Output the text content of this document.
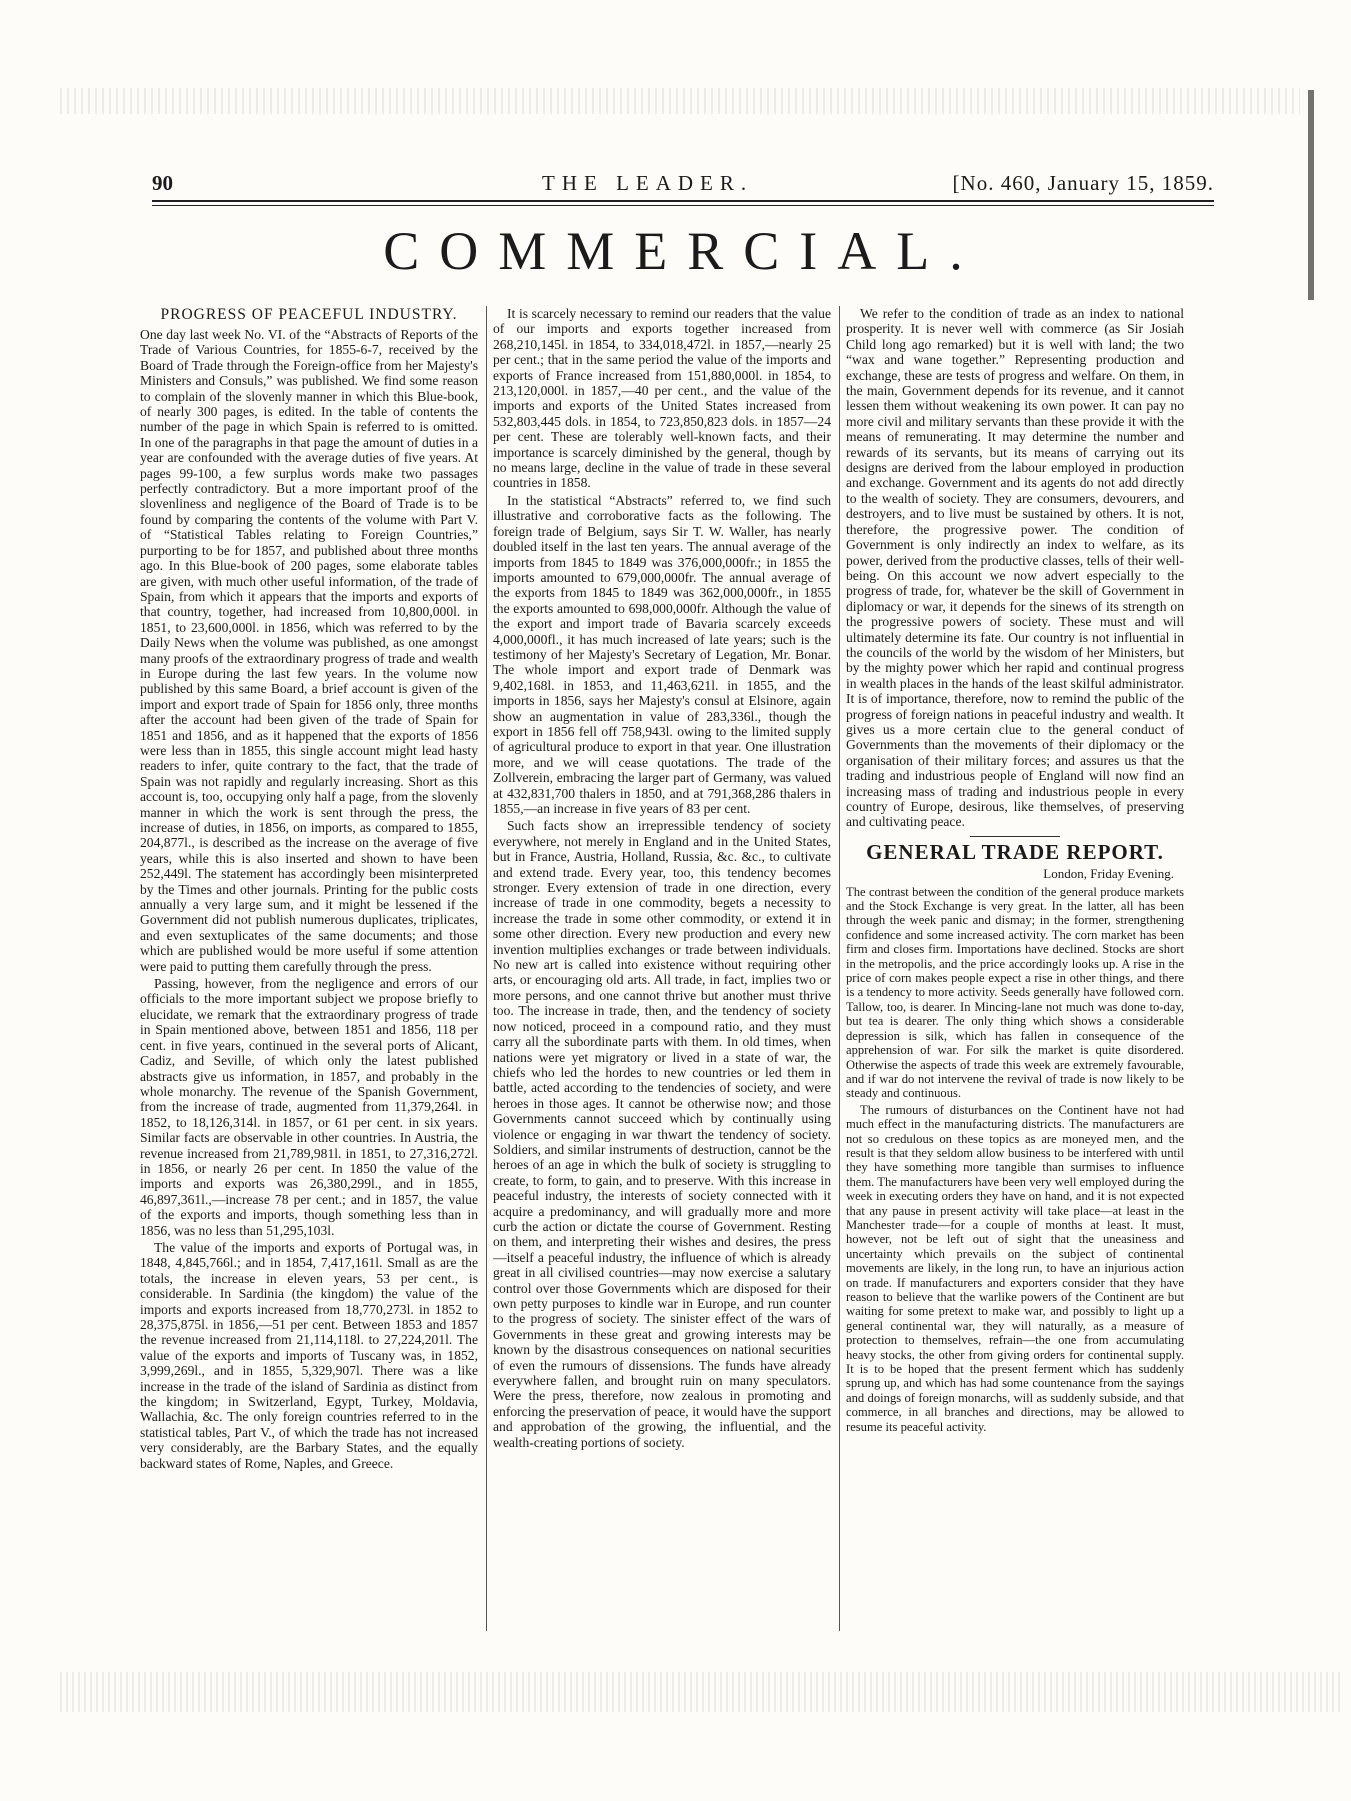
90	THE LEADER.	[No. 460, January 15, 1859.
COMMERCIAL.
PROGRESS OF PEACEFUL INDUSTRY.

One day last week No. VI. of the “Abstracts of Reports of the Trade of Various Countries, for 1855-6-7, received by the Board of Trade through the Foreign-office from her Majesty's Ministers and Consuls,” was published. We find some reason to complain of the slovenly manner in which this Blue-book, of nearly 300 pages, is edited. In the table of contents the number of the page in which Spain is referred to is omitted. In one of the paragraphs in that page the amount of duties in a year are confounded with the average duties of five years. At pages 99-100, a few surplus words make two passages perfectly contradictory. But a more important proof of the slovenliness and negligence of the Board of Trade is to be found by comparing the contents of the volume with Part V. of “Statistical Tables relating to Foreign Countries,” purporting to be for 1857, and published about three months ago. In this Blue-book of 200 pages, some elaborate tables are given, with much other useful information, of the trade of Spain, from which it appears that the imports and exports of that country, together, had increased from 10,800,000l. in 1851, to 23,600,000l. in 1856, which was referred to by the Daily News when the volume was published, as one amongst many proofs of the extraordinary progress of trade and wealth in Europe during the last few years. In the volume now published by this same Board, a brief account is given of the import and export trade of Spain for 1856 only, three months after the account had been given of the trade of Spain for 1851 and 1856, and as it happened that the exports of 1856 were less than in 1855, this single account might lead hasty readers to infer, quite contrary to the fact, that the trade of Spain was not rapidly and regularly increasing. Short as this account is, too, occupying only half a page, from the slovenly manner in which the work is sent through the press, the increase of duties, in 1856, on imports, as compared to 1855, 204,877l., is described as the increase on the average of five years, while this is also inserted and shown to have been 252,449l. The statement has accordingly been misinterpreted by the Times and other journals. Printing for the public costs annually a very large sum, and it might be lessened if the Government did not publish numerous duplicates, triplicates, and even sextuplicates of the same documents; and those which are published would be more useful if some attention were paid to putting them carefully through the press.

Passing, however, from the negligence and errors of our officials to the more important subject we propose briefly to elucidate, we remark that the extraordinary progress of trade in Spain mentioned above, between 1851 and 1856, 118 per cent. in five years, continued in the several ports of Alicant, Cadiz, and Seville, of which only the latest published abstracts give us information, in 1857, and probably in the whole monarchy. The revenue of the Spanish Government, from the increase of trade, augmented from 11,379,264l. in 1852, to 18,126,314l. in 1857, or 61 per cent. in six years. Similar facts are observable in other countries. In Austria, the revenue increased from 21,789,981l. in 1851, to 27,316,272l. in 1856, or nearly 26 per cent. In 1850 the value of the imports and exports was 26,380,299l., and in 1855, 46,897,361l.,—increase 78 per cent.; and in 1857, the value of the exports and imports, though something less than in 1856, was no less than 51,295,103l.

The value of the imports and exports of Portugal was, in 1848, 4,845,766l.; and in 1854, 7,417,161l. Small as are the totals, the increase in eleven years, 53 per cent., is considerable. In Sardinia (the kingdom) the value of the imports and exports increased from 18,770,273l. in 1852 to 28,375,875l. in 1856,—51 per cent. Between 1853 and 1857 the revenue increased from 21,114,118l. to 27,224,201l. The value of the exports and imports of Tuscany was, in 1852, 3,999,269l., and in 1855, 5,329,907l. There was a like increase in the trade of the island of Sardinia as distinct from the kingdom; in Switzerland, Egypt, Turkey, Moldavia, Wallachia, &c. The only foreign countries referred to in the statistical tables, Part V., of which the trade has not increased very considerably, are the Barbary States, and the equally backward states of Rome, Naples, and Greece.

It is scarcely necessary to remind our readers that the value of our imports and exports together increased from 268,210,145l. in 1854, to 334,018,472l. in 1857,—nearly 25 per cent.; that in the same period the value of the imports and exports of France increased from 151,880,000l. in 1854, to 213,120,000l. in 1857,—40 per cent., and the value of the imports and exports of the United States increased from 532,803,445 dols. in 1854, to 723,850,823 dols. in 1857—24 per cent. These are tolerably well-known facts, and their importance is scarcely diminished by the general, though by no means large, decline in the value of trade in these several countries in 1858.

In the statistical “Abstracts” referred to, we find such illustrative and corroborative facts as the following. The foreign trade of Belgium, says Sir T. W. Waller, has nearly doubled itself in the last ten years. The annual average of the imports from 1845 to 1849 was 376,000,000fr.; in 1855 the imports amounted to 679,000,000fr. The annual average of the exports from 1845 to 1849 was 362,000,000fr., in 1855 the exports amounted to 698,000,000fr. Although the value of the export and import trade of Bavaria scarcely exceeds 4,000,000fl., it has much increased of late years; such is the testimony of her Majesty's Secretary of Legation, Mr. Bonar. The whole import and export trade of Denmark was 9,402,168l. in 1853, and 11,463,621l. in 1855, and the imports in 1856, says her Majesty's consul at Elsinore, again show an augmentation in value of 283,336l., though the export in 1856 fell off 758,943l. owing to the limited supply of agricultural produce to export in that year. One illustration more, and we will cease quotations. The trade of the Zollverein, embracing the larger part of Germany, was valued at 432,831,700 thalers in 1850, and at 791,368,286 thalers in 1855,—an increase in five years of 83 per cent.

Such facts show an irrepressible tendency of society everywhere, not merely in England and in the United States, but in France, Austria, Holland, Russia, &c. &c., to cultivate and extend trade. Every year, too, this tendency becomes stronger. Every extension of trade in one direction, every increase of trade in one commodity, begets a necessity to increase the trade in some other commodity, or extend it in some other direction. Every new production and every new invention multiplies exchanges or trade between individuals. No new art is called into existence without requiring other arts, or encouraging old arts. All trade, in fact, implies two or more persons, and one cannot thrive but another must thrive too. The increase in trade, then, and the tendency of society now noticed, proceed in a compound ratio, and they must carry all the subordinate parts with them. In old times, when nations were yet migratory or lived in a state of war, the chiefs who led the hordes to new countries or led them in battle, acted according to the tendencies of society, and were heroes in those ages. It cannot be otherwise now; and those Governments cannot succeed which by continually using violence or engaging in war thwart the tendency of society. Soldiers, and similar instruments of destruction, cannot be the heroes of an age in which the bulk of society is struggling to create, to form, to gain, and to preserve. With this increase in peaceful industry, the interests of society connected with it acquire a predominancy, and will gradually more and more curb the action or dictate the course of Government. Resting on them, and interpreting their wishes and desires, the press—itself a peaceful industry, the influence of which is already great in all civilised countries—may now exercise a salutary control over those Governments which are disposed for their own petty purposes to kindle war in Europe, and run counter to the progress of society. The sinister effect of the wars of Governments in these great and growing interests may be known by the disastrous consequences on national securities of even the rumours of dissensions. The funds have already everywhere fallen, and brought ruin on many speculators. Were the press, therefore, now zealous in promoting and enforcing the preservation of peace, it would have the support and approbation of the growing, the influential, and the wealth-creating portions of society.

We refer to the condition of trade as an index to national prosperity. It is never well with commerce (as Sir Josiah Child long ago remarked) but it is well with land; the two “wax and wane together.” Representing production and exchange, these are tests of progress and welfare. On them, in the main, Government depends for its revenue, and it cannot lessen them without weakening its own power. It can pay no more civil and military servants than these provide it with the means of remunerating. It may determine the number and rewards of its servants, but its means of carrying out its designs are derived from the labour employed in production and exchange. Government and its agents do not add directly to the wealth of society. They are consumers, devourers, and destroyers, and to live must be sustained by others. It is not, therefore, the progressive power. The condition of Government is only indirectly an index to welfare, as its power, derived from the productive classes, tells of their well-being. On this account we now advert especially to the progress of trade, for, whatever be the skill of Government in diplomacy or war, it depends for the sinews of its strength on the progressive powers of society. These must and will ultimately determine its fate. Our country is not influential in the councils of the world by the wisdom of her Ministers, but by the mighty power which her rapid and continual progress in wealth places in the hands of the least skilful administrator. It is of importance, therefore, now to remind the public of the progress of foreign nations in peaceful industry and wealth. It gives us a more certain clue to the general conduct of Governments than the movements of their diplomacy or the organisation of their military forces; and assures us that the trading and industrious people of England will now find an increasing mass of trading and industrious people in every country of Europe, desirous, like themselves, of preserving and cultivating peace.

GENERAL TRADE REPORT.
London, Friday Evening.

The contrast between the condition of the general produce markets and the Stock Exchange is very great. In the latter, all has been through the week panic and dismay; in the former, strengthening confidence and some increased activity. The corn market has been firm and closes firm. Importations have declined. Stocks are short in the metropolis, and the price accordingly looks up. A rise in the price of corn makes people expect a rise in other things, and there is a tendency to more activity. Seeds generally have followed corn. Tallow, too, is dearer. In Mincing-lane not much was done to-day, but tea is dearer. The only thing which shows a considerable depression is silk, which has fallen in consequence of the apprehension of war. For silk the market is quite disordered. Otherwise the aspects of trade this week are extremely favourable, and if war do not intervene the revival of trade is now likely to be steady and continuous.

The rumours of disturbances on the Continent have not had much effect in the manufacturing districts. The manufacturers are not so credulous on these topics as are moneyed men, and the result is that they seldom allow business to be interfered with until they have something more tangible than surmises to influence them. The manufacturers have been very well employed during the week in executing orders they have on hand, and it is not expected that any pause in present activity will take place—at least in the Manchester trade—for a couple of months at least. It must, however, not be left out of sight that the uneasiness and uncertainty which prevails on the subject of continental movements are likely, in the long run, to have an injurious action on trade. If manufacturers and exporters consider that they have reason to believe that the warlike powers of the Continent are but waiting for some pretext to make war, and possibly to light up a general continental war, they will naturally, as a measure of protection to themselves, refrain—the one from accumulating heavy stocks, the other from giving orders for continental supply. It is to be hoped that the present ferment which has suddenly sprung up, and which has had some countenance from the sayings and doings of foreign monarchs, will as suddenly subside, and that commerce, in all branches and directions, may be allowed to resume its peaceful activity.
